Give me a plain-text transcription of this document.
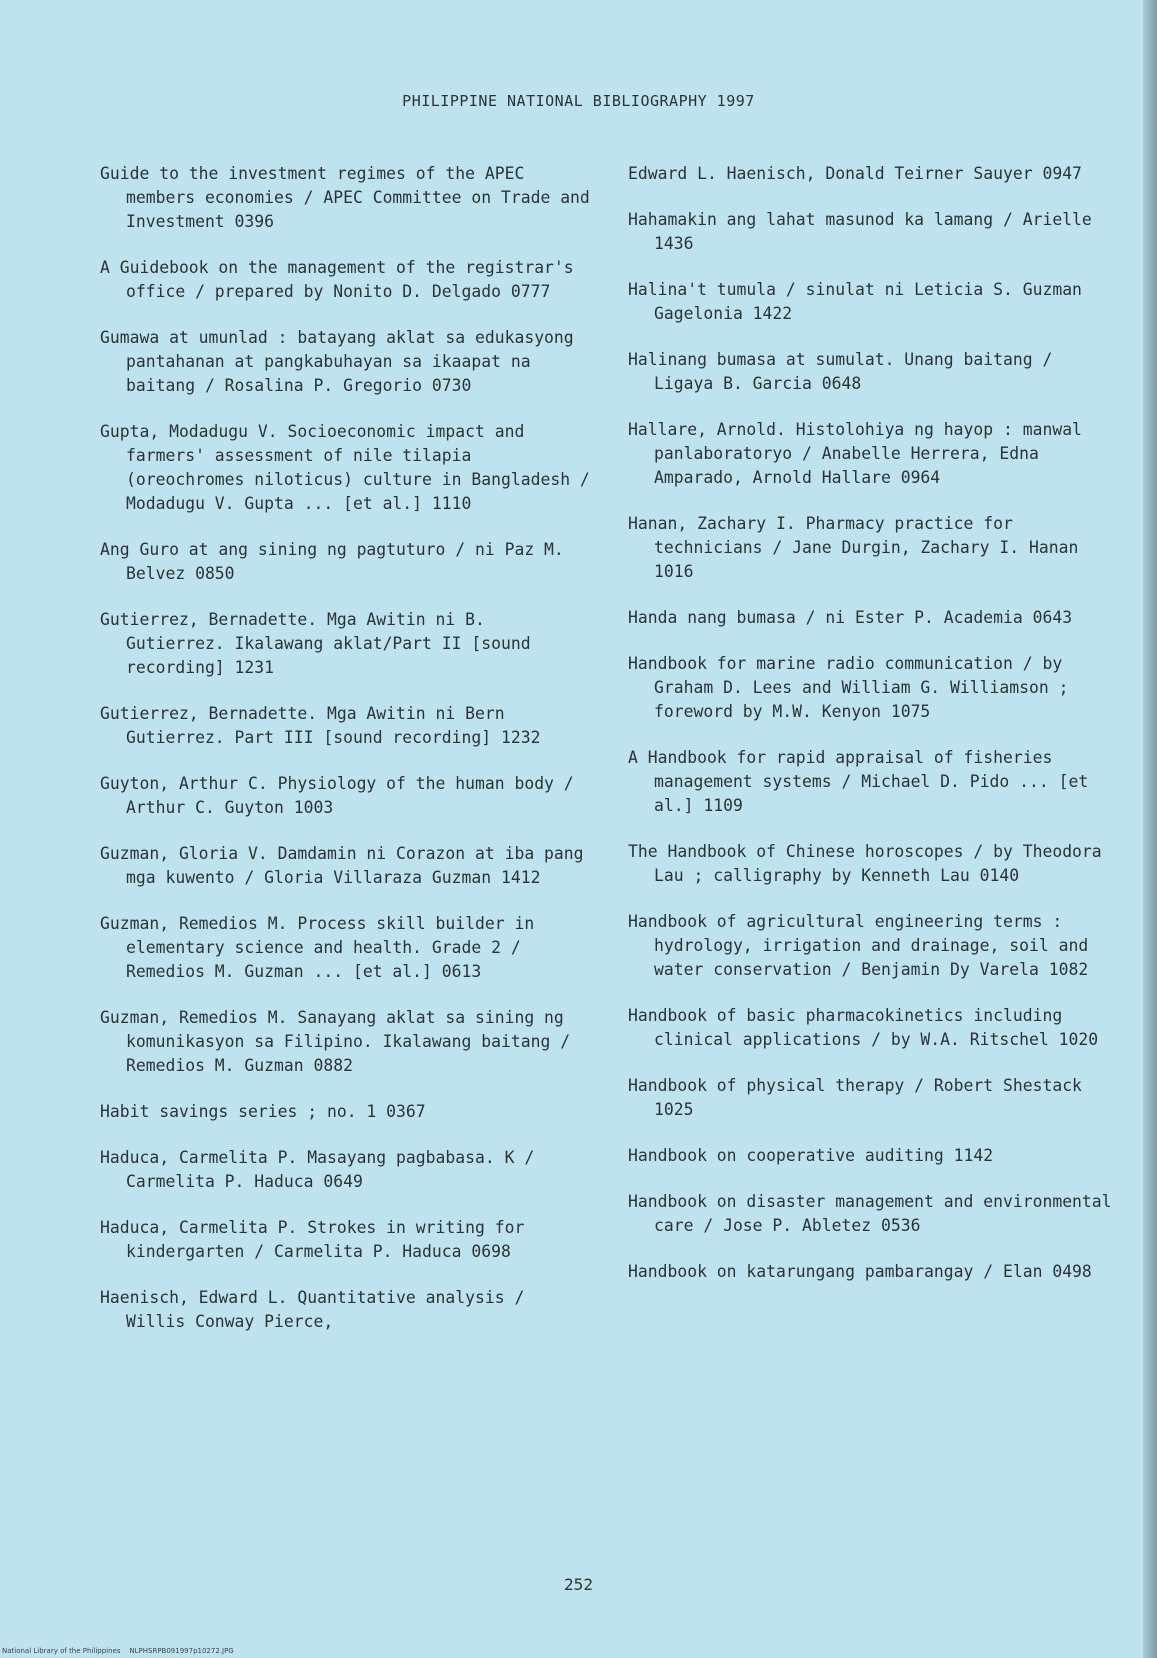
PHILIPPINE NATIONAL BIBLIOGRAPHY 1997

Guide to the investment regimes of the APEC members economies / APEC Committee on Trade and Investment 0396

A Guidebook on the management of the registrar's office / prepared by Nonito D. Delgado 0777

Gumawa at umunlad : batayang aklat sa edukasyong pantahanan at pangkabuhayan sa ikaapat na baitang / Rosalina P. Gregorio 0730

Gupta, Modadugu V. Socioeconomic impact and farmers' assessment of nile tilapia (oreochromes niloticus) culture in Bangladesh / Modadugu V. Gupta ... [et al.] 1110

Ang Guro at ang sining ng pagtuturo / ni Paz M. Belvez 0850

Gutierrez, Bernadette. Mga Awitin ni B. Gutierrez. Ikalawang aklat/Part II [sound recording] 1231

Gutierrez, Bernadette. Mga Awitin ni Bern Gutierrez. Part III [sound recording] 1232

Guyton, Arthur C. Physiology of the human body / Arthur C. Guyton 1003

Guzman, Gloria V. Damdamin ni Corazon at iba pang mga kuwento / Gloria Villaraza Guzman 1412

Guzman, Remedios M. Process skill builder in elementary science and health. Grade 2 / Remedios M. Guzman ... [et al.] 0613

Guzman, Remedios M. Sanayang aklat sa sining ng komunikasyon sa Filipino. Ikalawang baitang / Remedios M. Guzman 0882

Habit savings series ; no. 1 0367

Haduca, Carmelita P. Masayang pagbabasa. K / Carmelita P. Haduca 0649

Haduca, Carmelita P. Strokes in writing for kindergarten / Carmelita P. Haduca 0698

Haenisch, Edward L. Quantitative analysis / Willis Conway Pierce,

Edward L. Haenisch, Donald Teirner Sauyer 0947

Hahamakin ang lahat masunod ka lamang / Arielle 1436

Halina't tumula / sinulat ni Leticia S. Guzman Gagelonia 1422

Halinang bumasa at sumulat. Unang baitang / Ligaya B. Garcia 0648

Hallare, Arnold. Histolohiya ng hayop : manwal panlaboratoryo / Anabelle Herrera, Edna Amparado, Arnold Hallare 0964

Hanan, Zachary I. Pharmacy practice for technicians / Jane Durgin, Zachary I. Hanan 1016

Handa nang bumasa / ni Ester P. Academia 0643

Handbook for marine radio communication / by Graham D. Lees and William G. Williamson ; foreword by M.W. Kenyon 1075

A Handbook for rapid appraisal of fisheries management systems / Michael D. Pido ... [et al.] 1109

The Handbook of Chinese horoscopes / by Theodora Lau ; calligraphy by Kenneth Lau 0140

Handbook of agricultural engineering terms : hydrology, irrigation and drainage, soil and water conservation / Benjamin Dy Varela 1082

Handbook of basic pharmacokinetics including clinical applications / by W.A. Ritschel 1020

Handbook of physical therapy / Robert Shestack 1025

Handbook on cooperative auditing 1142

Handbook on disaster management and environmental care / Jose P. Abletez 0536

Handbook on katarungang pambarangay / Elan 0498

252
National Library of the Philippines    NLPHSRPB091997p10272.JPG
